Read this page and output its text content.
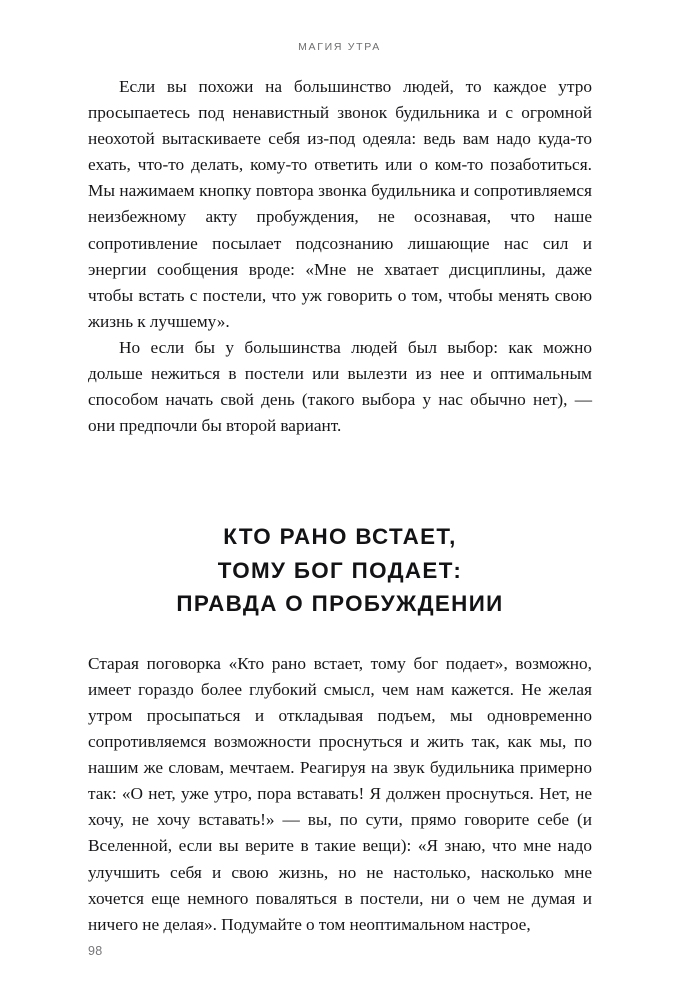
МАГИЯ УТРА

Если вы похожи на большинство людей, то каждое утро просыпаетесь под ненавистный звонок будильника и с огромной неохотой вытаскиваете себя из-под одеяла: ведь вам надо куда-то ехать, что-то делать, кому-то ответить или о ком-то позаботиться. Мы нажимаем кнопку повтора звонка будильника и сопротивляемся неизбежному акту пробуждения, не осознавая, что наше сопротивление посылает подсознанию лишающие нас сил и энергии сообщения вроде: «Мне не хватает дисциплины, даже чтобы встать с постели, что уж говорить о том, чтобы менять свою жизнь к лучшему».

Но если бы у большинства людей был выбор: как можно дольше нежиться в постели или вылезти из нее и оптимальным способом начать свой день (такого выбора у нас обычно нет), — они предпочли бы второй вариант.

КТО РАНО ВСТАЕТ,
ТОМУ БОГ ПОДАЕТ:
ПРАВДА О ПРОБУЖДЕНИИ

Старая поговорка «Кто рано встает, тому бог подает», возможно, имеет гораздо более глубокий смысл, чем нам кажется. Не желая утром просыпаться и откладывая подъем, мы одновременно сопротивляемся возможности проснуться и жить так, как мы, по нашим же словам, мечтаем. Реагируя на звук будильника примерно так: «О нет, уже утро, пора вставать! Я должен проснуться. Нет, не хочу, не хочу вставать!» — вы, по сути, прямо говорите себе (и Вселенной, если вы верите в такие вещи): «Я знаю, что мне надо улучшить себя и свою жизнь, но не настолько, насколько мне хочется еще немного поваляться в постели, ни о чем не думая и ничего не делая». Подумайте о том неоптимальном настрое,

98
